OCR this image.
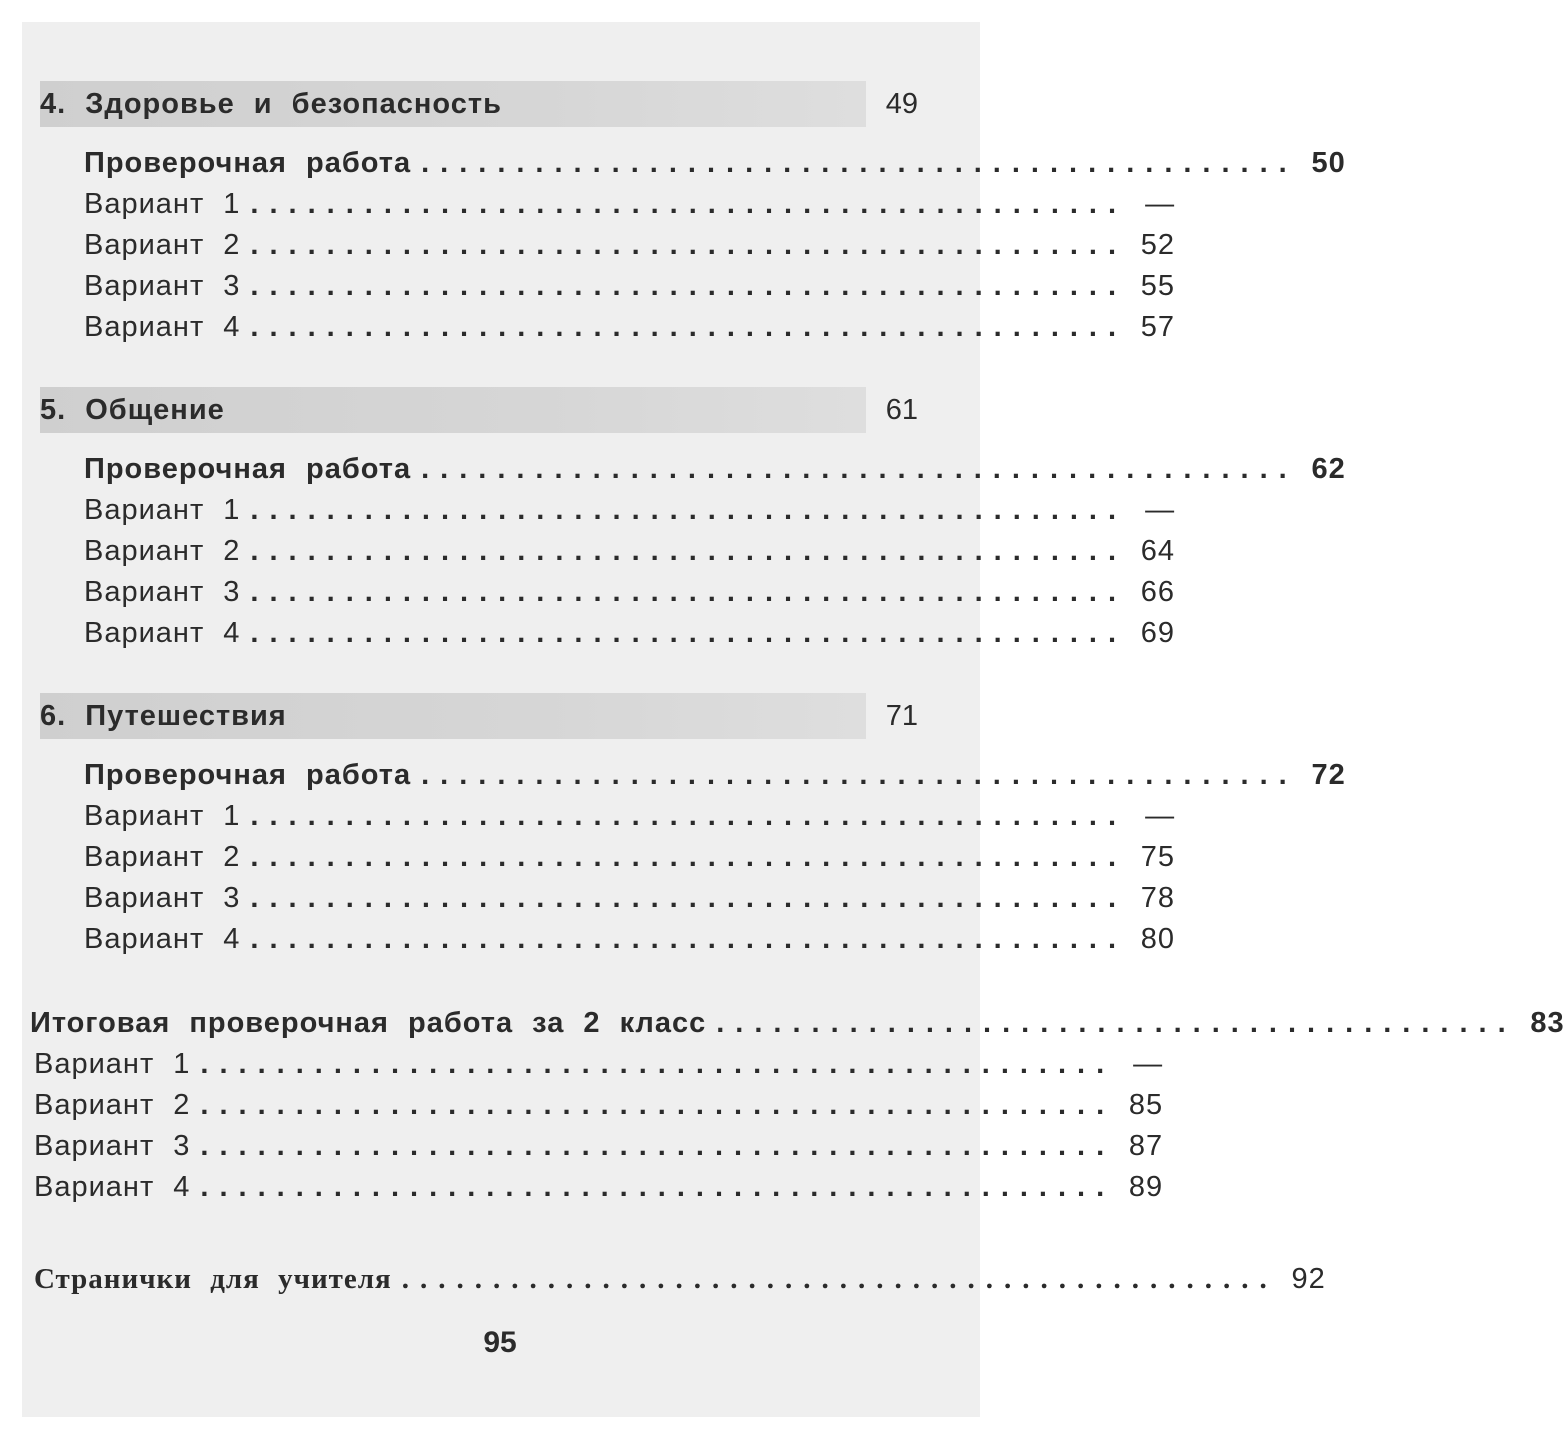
4. Здоровье и безопасность	49
Проверочная работа .............................................. 50
Вариант 1 .............................................. —
Вариант 2 .............................................. 52
Вариант 3 .............................................. 55
Вариант 4 .............................................. 57
5. Общение	61
Проверочная работа .............................................. 62
Вариант 1 .............................................. —
Вариант 2 .............................................. 64
Вариант 3 .............................................. 66
Вариант 4 .............................................. 69
6. Путешествия	71
Проверочная работа .............................................. 72
Вариант 1 .............................................. —
Вариант 2 .............................................. 75
Вариант 3 .............................................. 78
Вариант 4 .............................................. 80
Итоговая проверочная работа за 2 класс .......................................... 83
Вариант 1 ................................................ —
Вариант 2 ................................................ 85
Вариант 3 ................................................ 87
Вариант 4 ................................................ 89
Странички для учителя ................................................ 92
95
